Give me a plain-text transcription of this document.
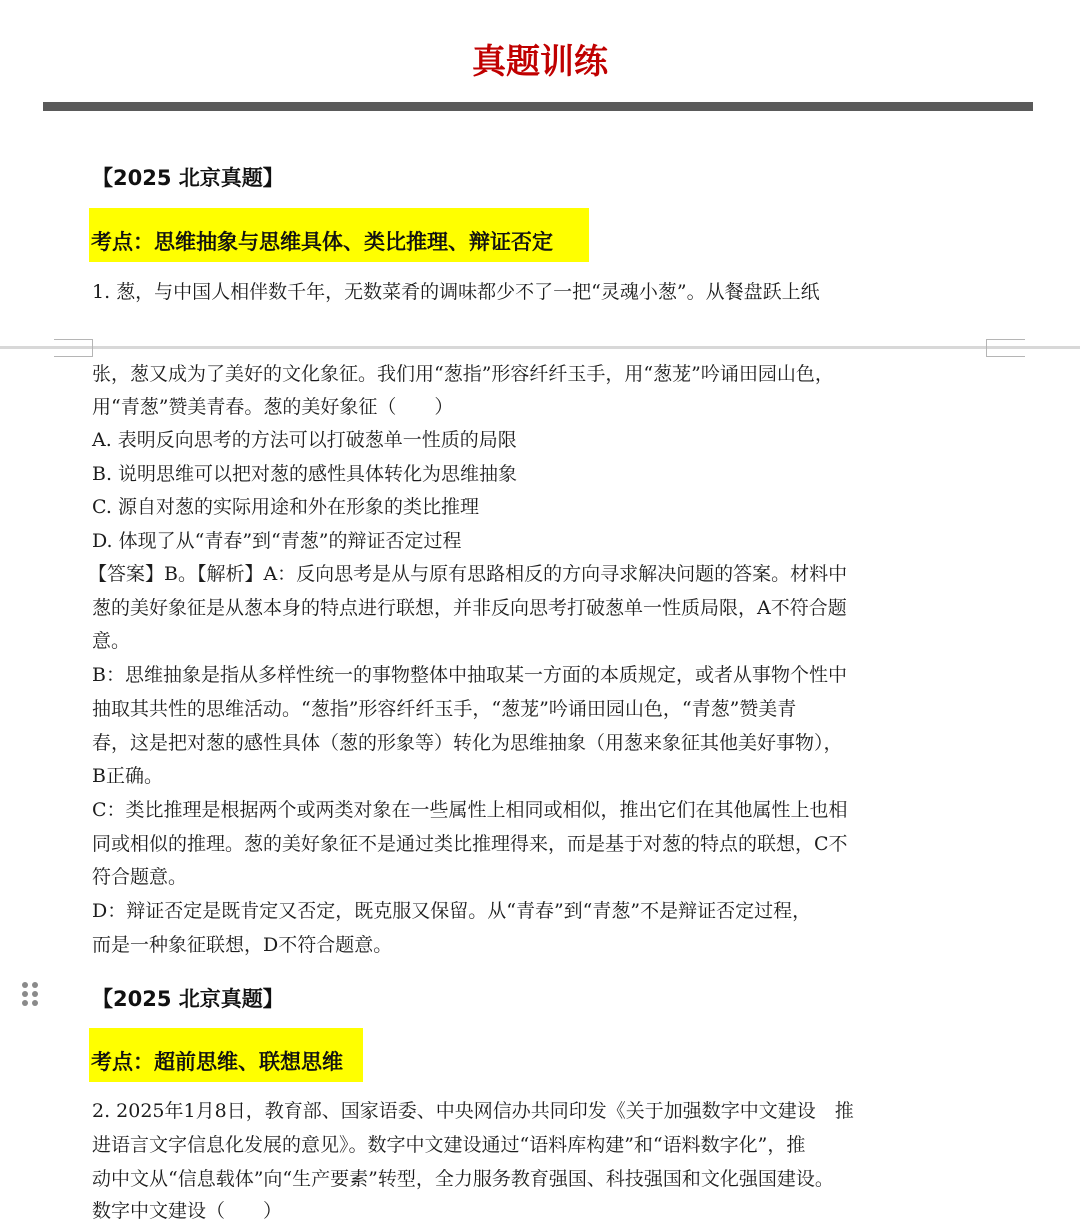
真题训练
【2025 北京真题】
考点：思维抽象与思维具体、类比推理、辩证否定
1. 葱，与中国人相伴数千年，无数菜肴的调味都少不了一把“灵魂小葱”。从餐盘跃上纸
张，葱又成为了美好的文化象征。我们用“葱指”形容纤纤玉手，用“葱茏”吟诵田园山色，
用“青葱”赞美青春。葱的美好象征（　　）
A. 表明反向思考的方法可以打破葱单一性质的局限
B. 说明思维可以把对葱的感性具体转化为思维抽象
C. 源自对葱的实际用途和外在形象的类比推理
D. 体现了从“青春”到“青葱”的辩证否定过程
【答案】B。【解析】A：反向思考是从与原有思路相反的方向寻求解决问题的答案。材料中
葱的美好象征是从葱本身的特点进行联想，并非反向思考打破葱单一性质局限，A不符合题
意。
B：思维抽象是指从多样性统一的事物整体中抽取某一方面的本质规定，或者从事物个性中
抽取其共性的思维活动。“葱指”形容纤纤玉手，“葱茏”吟诵田园山色，“青葱”赞美青
春，这是把对葱的感性具体（葱的形象等）转化为思维抽象（用葱来象征其他美好事物），
B正确。
C：类比推理是根据两个或两类对象在一些属性上相同或相似，推出它们在其他属性上也相
同或相似的推理。葱的美好象征不是通过类比推理得来，而是基于对葱的特点的联想，C不
符合题意。
D：辩证否定是既肯定又否定，既克服又保留。从“青春”到“青葱”不是辩证否定过程，
而是一种象征联想，D不符合题意。
【2025 北京真题】
考点：超前思维、联想思维
2. 2025年1月8日，教育部、国家语委、中央网信办共同印发《关于加强数字中文建设　推
进语言文字信息化发展的意见》。数字中文建设通过“语料库构建”和“语料数字化”，推
动中文从“信息载体”向“生产要素”转型，全力服务教育强国、科技强国和文化强国建设。
数字中文建设（　　）
